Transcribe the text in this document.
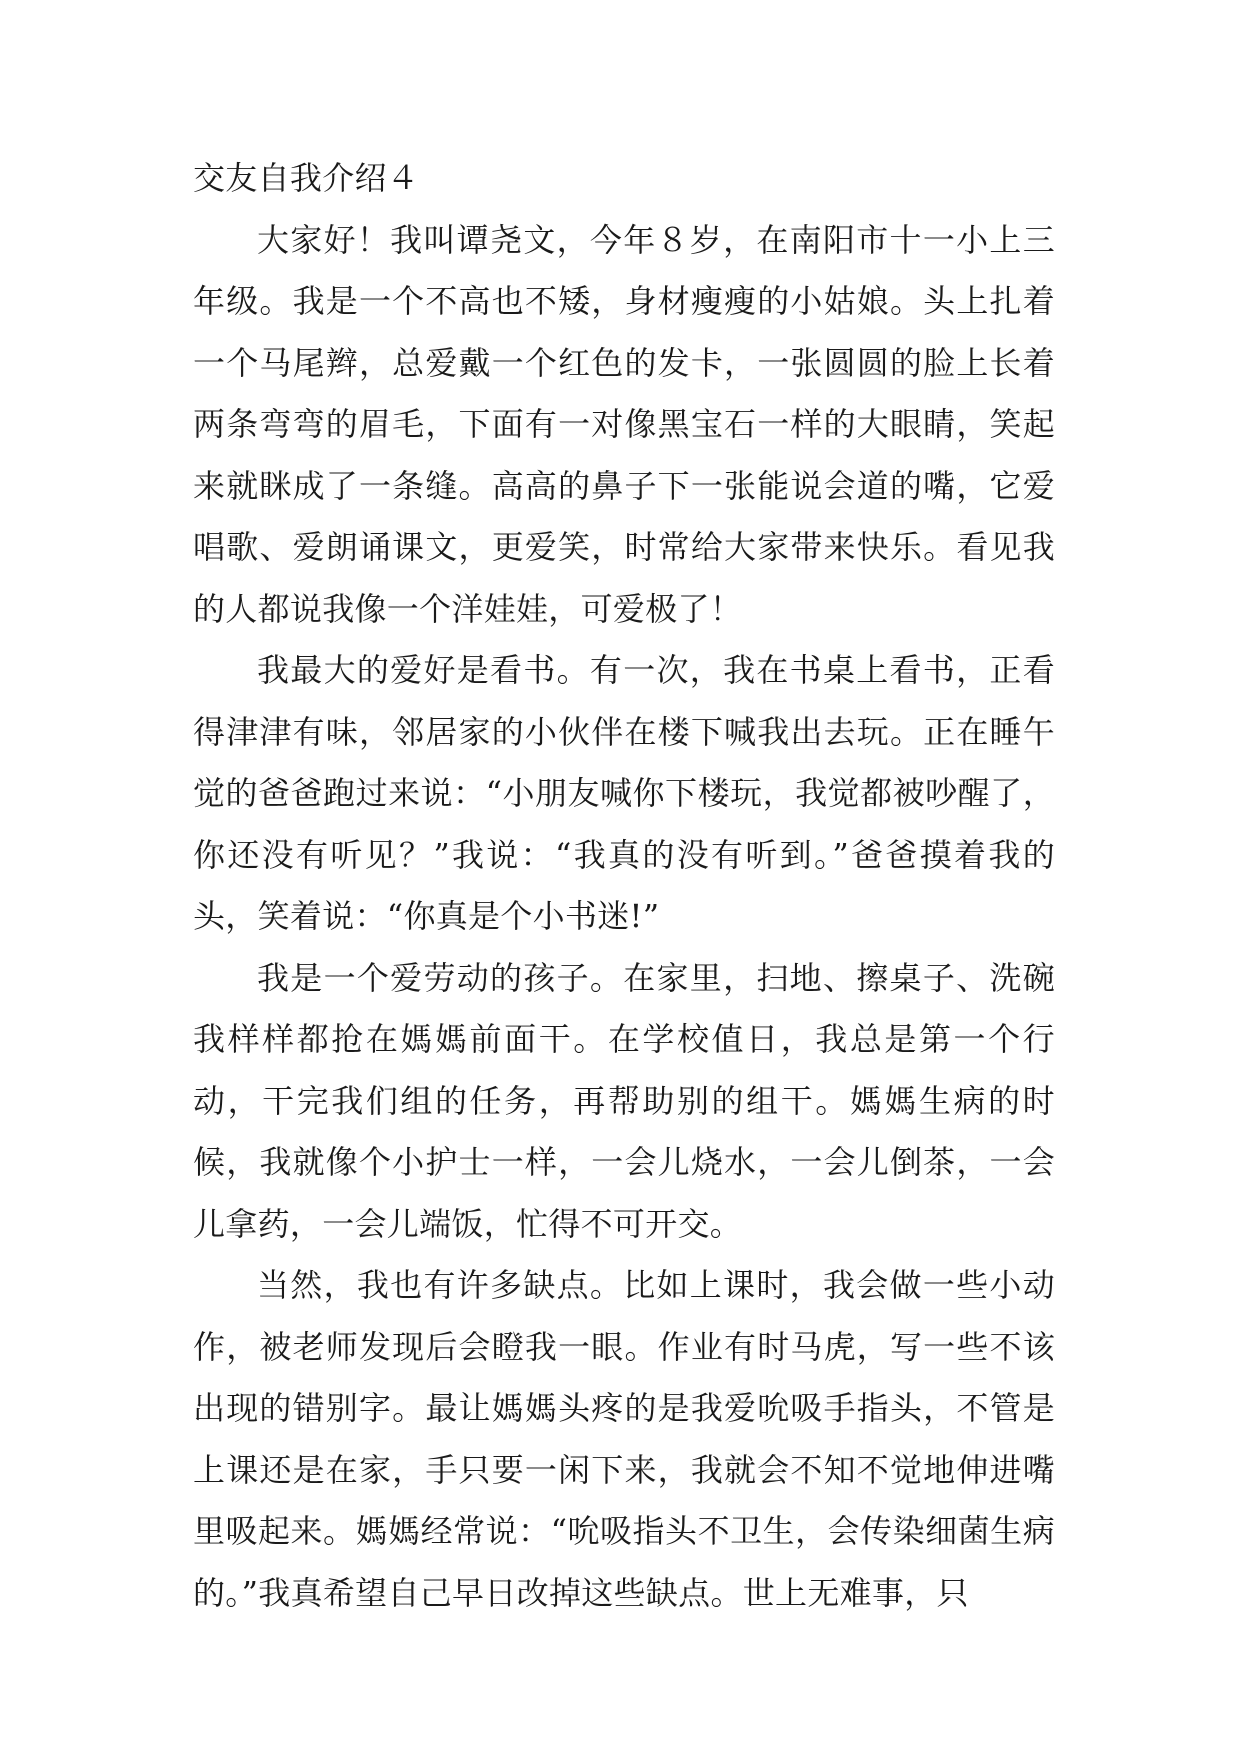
交友自我介绍４

大家好！我叫谭尧文，今年８岁，在南阳市十一小上三年级。我是一个不高也不矮，身材瘦瘦的小姑娘。头上扎着一个马尾辫，总爱戴一个红色的发卡，一张圆圆的脸上长着两条弯弯的眉毛，下面有一对像黑宝石一样的大眼睛，笑起来就眯成了一条缝。高高的鼻子下一张能说会道的嘴，它爱唱歌、爱朗诵课文，更爱笑，时常给大家带来快乐。看见我的人都说我像一个洋娃娃，可爱极了！

我最大的爱好是看书。有一次，我在书桌上看书，正看得津津有味，邻居家的小伙伴在楼下喊我出去玩。正在睡午觉的爸爸跑过来说：“小朋友喊你下楼玩，我觉都被吵醒了，你还没有听见？”我说：“我真的没有听到。”爸爸摸着我的头，笑着说：“你真是个小书迷!”

我是一个爱劳动的孩子。在家里，扫地、擦桌子、洗碗我样样都抢在媽媽前面干。在学校值日，我总是第一个行动，干完我们组的任务，再帮助别的组干。媽媽生病的时候，我就像个小护士一样，一会儿烧水，一会儿倒茶，一会儿拿药，一会儿端饭，忙得不可开交。

当然，我也有许多缺点。比如上课时，我会做一些小动作，被老师发现后会瞪我一眼。作业有时马虎，写一些不该出现的错别字。最让媽媽头疼的是我爱吮吸手指头，不管是上课还是在家，手只要一闲下来，我就会不知不觉地伸进嘴里吸起来。媽媽经常说：“吮吸指头不卫生，会传染细菌生病的。”我真希望自己早日改掉这些缺点。世上无难事，只
